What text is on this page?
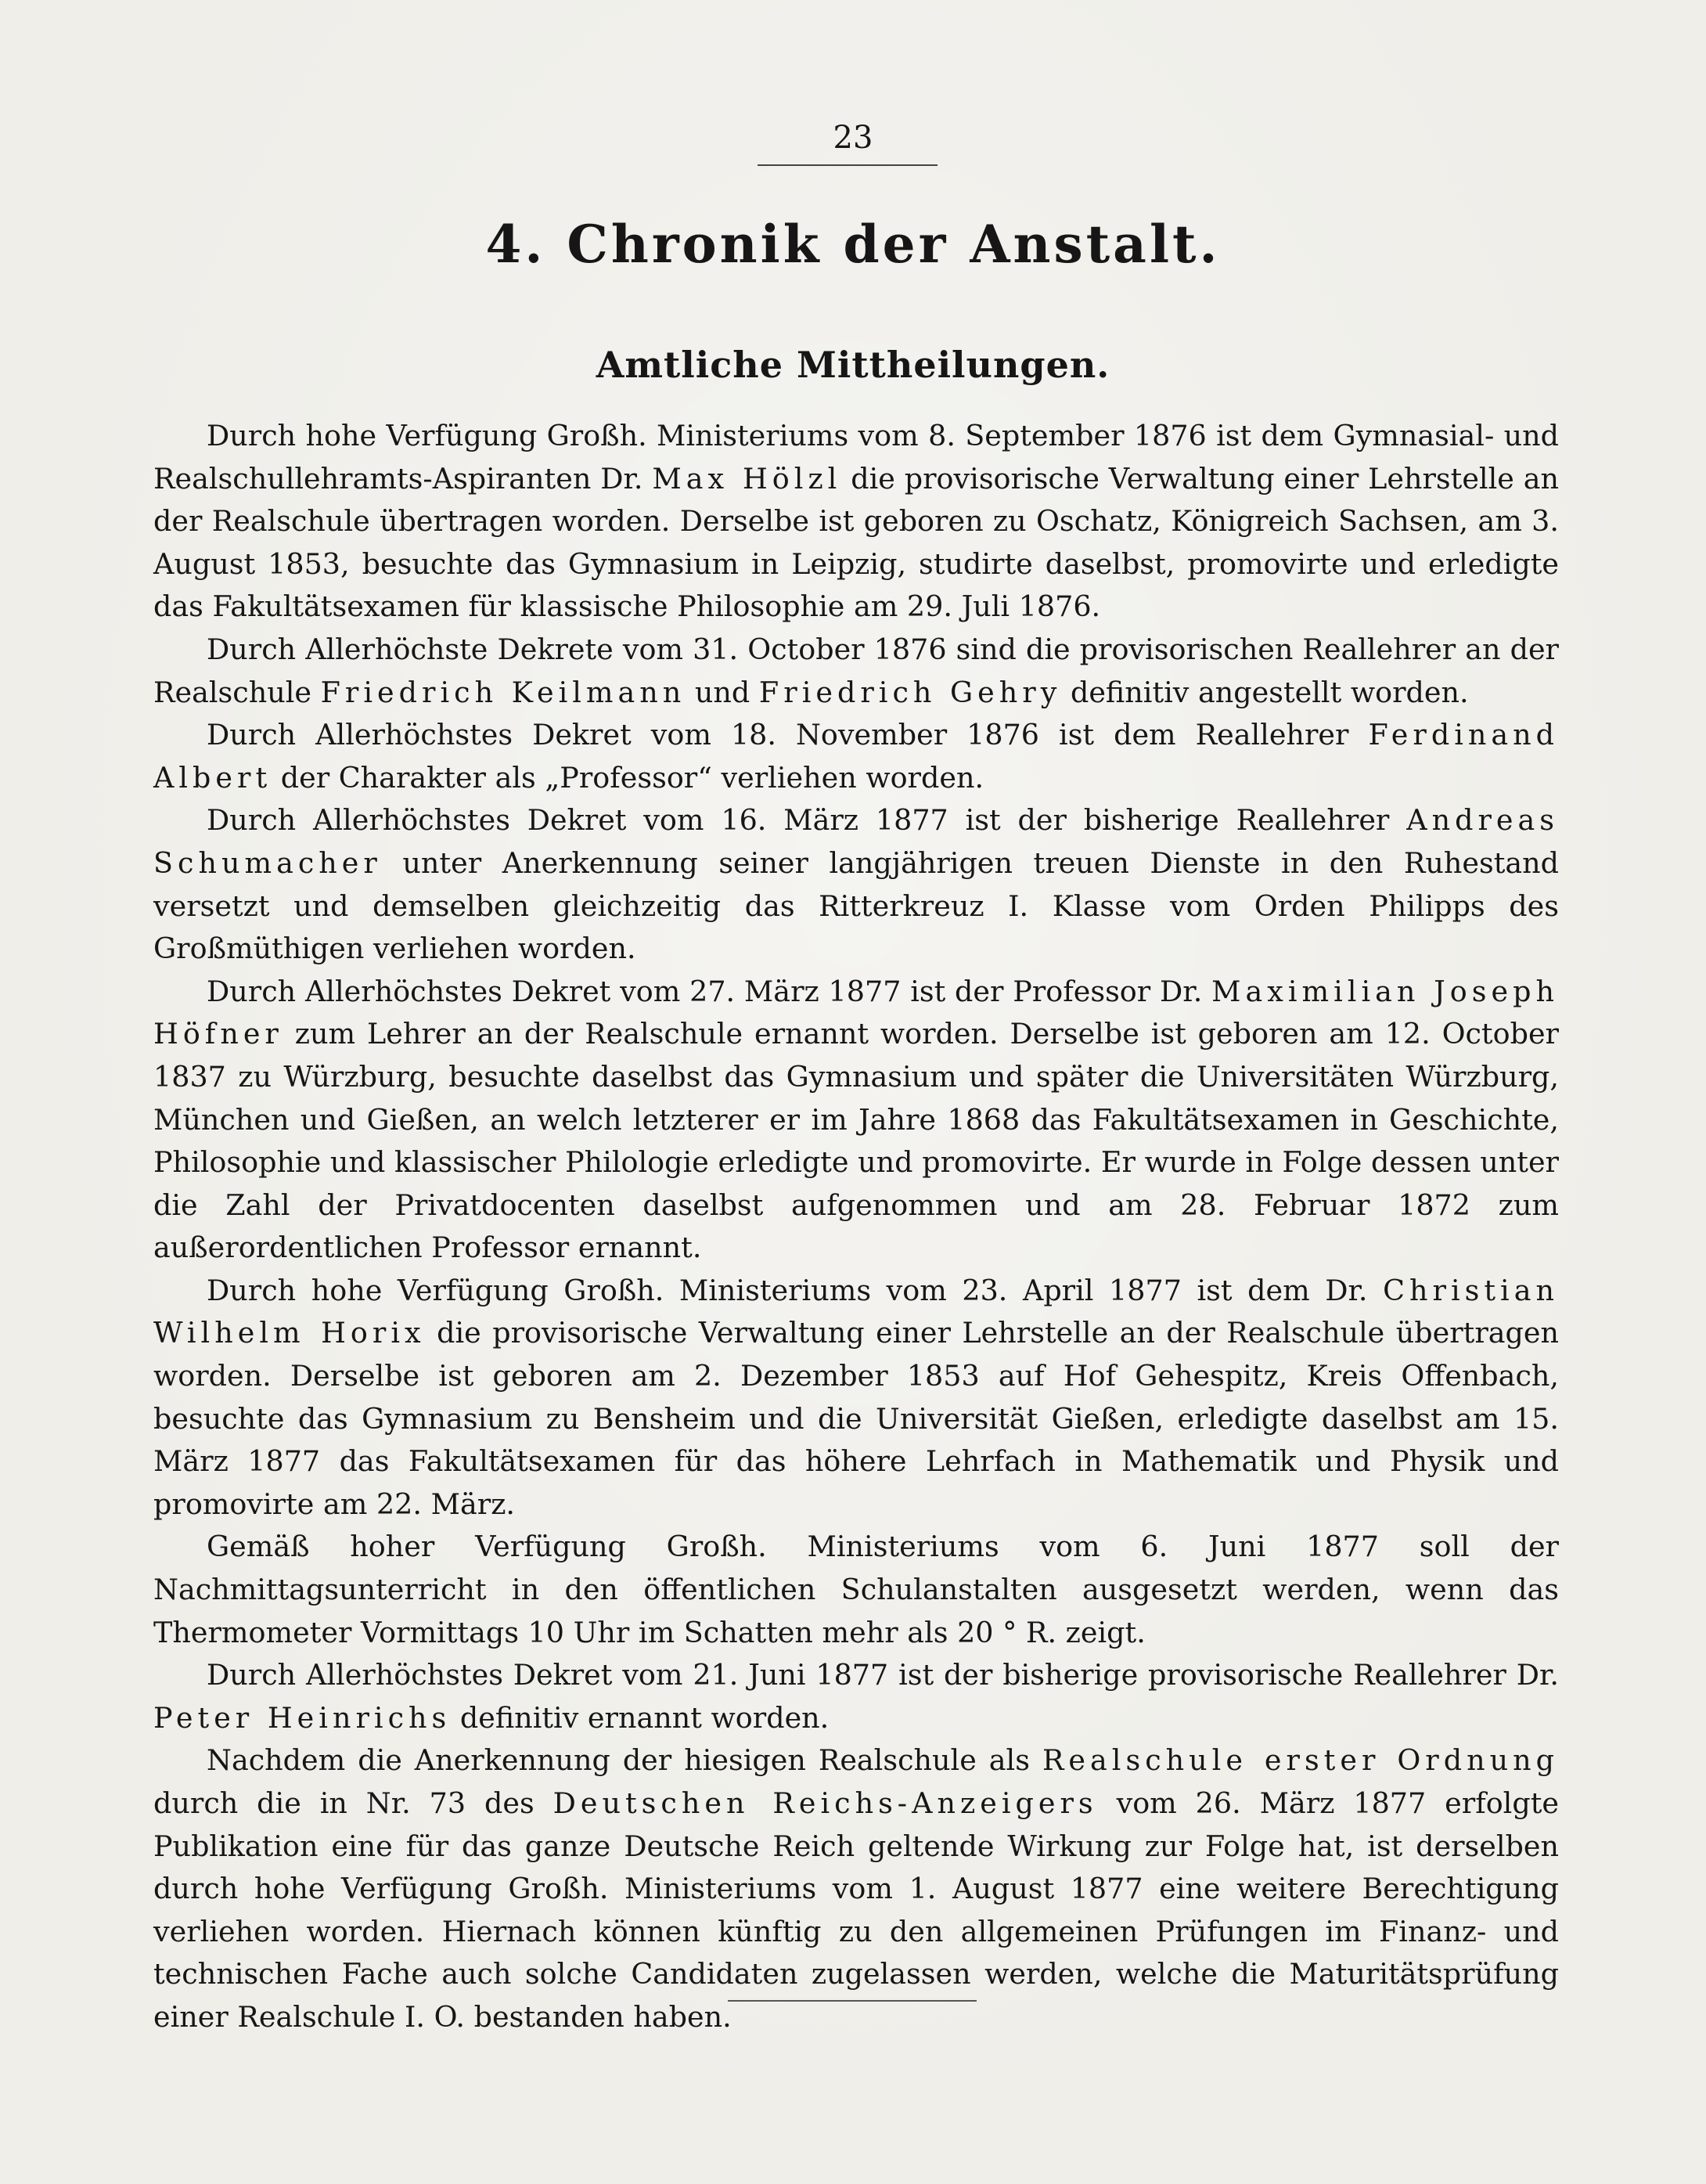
23
4. Chronik der Anstalt.
Amtliche Mittheilungen.

Durch hohe Verfügung Großh. Ministeriums vom 8. September 1876 ist dem Gymnasial- und Realschullehramts-Aspiranten Dr. Max Hölzl die provisorische Verwaltung einer Lehrstelle an der Realschule übertragen worden. Derselbe ist geboren zu Oschatz, Königreich Sachsen, am 3. August 1853, besuchte das Gymnasium in Leipzig, studirte daselbst, promovirte und erledigte das Fakultätsexamen für klassische Philosophie am 29. Juli 1876.

Durch Allerhöchste Dekrete vom 31. October 1876 sind die provisorischen Reallehrer an der Realschule Friedrich Keilmann und Friedrich Gehry definitiv angestellt worden.

Durch Allerhöchstes Dekret vom 18. November 1876 ist dem Reallehrer Ferdinand Albert der Charakter als „Professor“ verliehen worden.

Durch Allerhöchstes Dekret vom 16. März 1877 ist der bisherige Reallehrer Andreas Schumacher unter Anerkennung seiner langjährigen treuen Dienste in den Ruhestand versetzt und demselben gleichzeitig das Ritterkreuz I. Klasse vom Orden Philipps des Großmüthigen verliehen worden.

Durch Allerhöchstes Dekret vom 27. März 1877 ist der Professor Dr. Maximilian Joseph Höfner zum Lehrer an der Realschule ernannt worden. Derselbe ist geboren am 12. October 1837 zu Würzburg, besuchte daselbst das Gymnasium und später die Universitäten Würzburg, München und Gießen, an welch letzterer er im Jahre 1868 das Fakultätsexamen in Geschichte, Philosophie und klassischer Philologie erledigte und promovirte. Er wurde in Folge dessen unter die Zahl der Privatdocenten daselbst aufgenommen und am 28. Februar 1872 zum außerordentlichen Professor ernannt.

Durch hohe Verfügung Großh. Ministeriums vom 23. April 1877 ist dem Dr. Christian Wilhelm Horix die provisorische Verwaltung einer Lehrstelle an der Realschule übertragen worden. Derselbe ist geboren am 2. Dezember 1853 auf Hof Gehespitz, Kreis Offenbach, besuchte das Gymnasium zu Bensheim und die Universität Gießen, erledigte daselbst am 15. März 1877 das Fakultätsexamen für das höhere Lehrfach in Mathematik und Physik und promovirte am 22. März.

Gemäß hoher Verfügung Großh. Ministeriums vom 6. Juni 1877 soll der Nachmittagsunterricht in den öffentlichen Schulanstalten ausgesetzt werden, wenn das Thermometer Vormittags 10 Uhr im Schatten mehr als 20 ° R. zeigt.

Durch Allerhöchstes Dekret vom 21. Juni 1877 ist der bisherige provisorische Reallehrer Dr. Peter Heinrichs definitiv ernannt worden.

Nachdem die Anerkennung der hiesigen Realschule als Realschule erster Ordnung durch die in Nr. 73 des Deutschen Reichs-Anzeigers vom 26. März 1877 erfolgte Publikation eine für das ganze Deutsche Reich geltende Wirkung zur Folge hat, ist derselben durch hohe Verfügung Großh. Ministeriums vom 1. August 1877 eine weitere Berechtigung verliehen worden. Hiernach können künftig zu den allgemeinen Prüfungen im Finanz- und technischen Fache auch solche Candidaten zugelassen werden, welche die Maturitätsprüfung einer Realschule I. O. bestanden haben.
